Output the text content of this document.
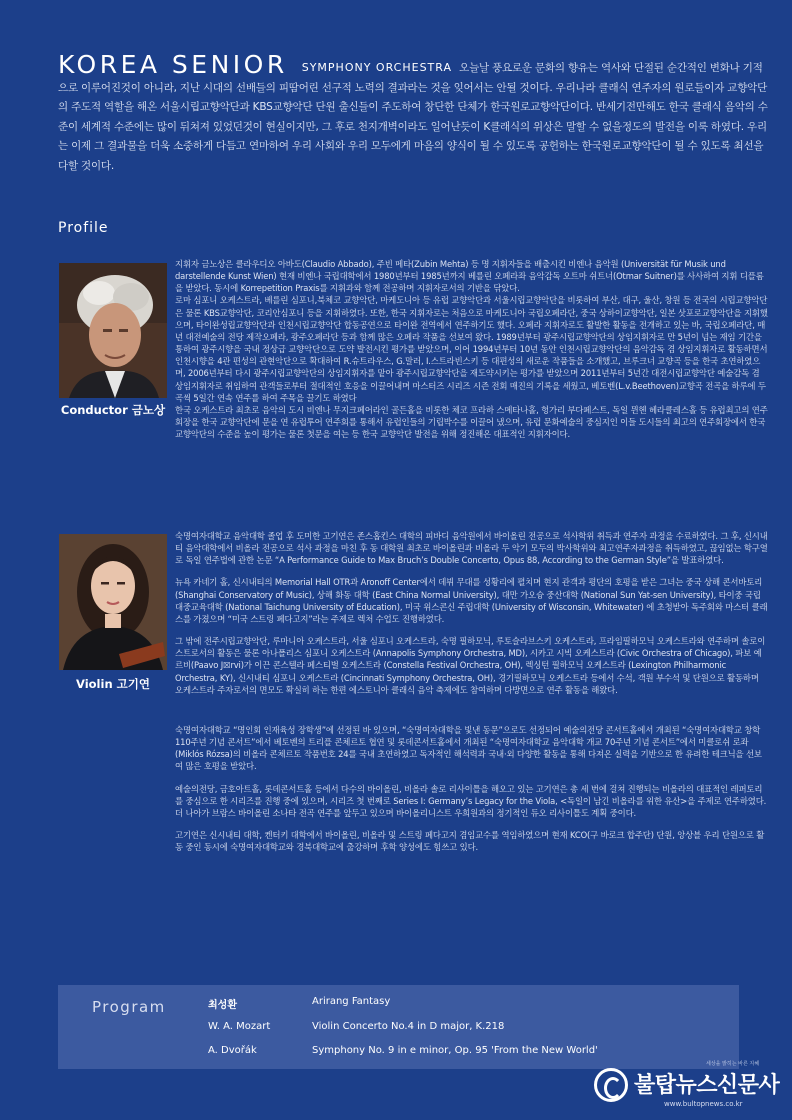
KOREA SENIOR SYMPHONY ORCHESTRA 오늘날 풍요로운 문화의 향유는 역사와 단절된 순간적인 변화나 기적으로 이루어진것이 아니라, 지난 시대의 선배들의 피땀어린 선구적 노력의 결과라는 것을 잊어서는 안될 것이다. 우리나라 클래식 연주자의 원로들이자 교향악단의 주도적 역할을 해온 서울시립교향악단과 KBS교향악단 단원 출신들이 주도하여 창단한 단체가 한국원로교향악단이다. 반세기전만해도 한국 클래식 음악의 수준이 세계적 수준에는 많이 뒤쳐져 있었던것이 현실이지만, 그 후로 천지개벽이라도 일어난듯이 K클래식의 위상은 말할 수 없을정도의 발전을 이룩 하였다. 우리는 이제 그 결과물을 더욱 소중하게 다듬고 연마하여 우리 사회와 우리 모두에게 마음의 양식이 될 수 있도록 공헌하는 한국원로교향악단이 될 수 있도록 최선을 다할 것이다.
Profile
Conductor 금노상

지휘자 금노상은 클라우디오 아바도(Claudio Abbado), 주빈 메타(Zubin Mehta) 등 명 지휘자들을 배출시킨 비엔나 음악원 (Universität für Musik und darstellende Kunst Wien) 현재 비엔나 국립대학에서 1980년부터 1985년까지 베를린 오페라좌 음악감독 오트마 쉬트너(Otmar Suitner)를 사사하여 지휘 디플롬을 받았다. 동시에 Korrepetition Praxis를 지휘과와 함께 전공하며 지휘자로서의 기반을 닦았다.

로마 심포니 오케스트라, 베를린 심포니,북체코 교향악단, 마케도니아 등 유럽 교향악단과 서울시립교향악단을 비롯하여 부산, 대구, 울산, 창원 등 전국의 시립교향악단은 물론 KBS교향악단, 코리안심포니 등을 지휘하였다. 또한, 한국 지휘자로는 처음으로 마케도니아 국립오페라단, 중국 상하이교향악단, 일본 삿포로교향악단을 지휘했으며, 타이완성립교향악단과 인천시립교향악단 합동공연으로 타이완 전역에서 연주하기도 했다. 오페라 지휘자로도 활발한 활동을 전개하고 있는 바, 국립오페라단, 매년 대전예술의 전당 제작오페라, 광주오페라단 등과 함께 많은 오페라 작품을 선보여 왔다. 1989년부터 광주시립교향악단의 상임지휘자로 만 5년이 넘는 재임 기간을 통하여 광주시향을 국내 정상급 교향악단으로 도약 발전시킨 평가를 받았으며, 이어 1994년부터 10년 동안 인천시립교향악단의 음악감독 겸 상임지휘자로 활동하면서 인천시향을 4관 편성의 관현악단으로 확대하여 R.슈트라우스, G.말러, I.스트라빈스키 등 대편성의 새로운 작품들을 소개했고, 브루크너 교향곡 등을 한국 초연하였으며, 2006년부터 다시 광주시립교향악단의 상임지휘자를 맡아 광주시립교향악단을 재도약시키는 평가를 받았으며 2011년부터 5년간 대전시립교향악단 예술감독 겸 상임지휘자로 취임하여 관객들로부터 절대적인 호응을 이끌어내며 마스터즈 시리즈 시즌 전회 매진의 기록을 세웠고, 베토벤(L.v.Beethoven)교향곡 전곡을 하루에 두 곡씩 5일간 연속 연주를 하여 주목을 끌기도 하였다

한국 오케스트라 최초로 음악의 도시 비엔나 무지크페어라인 골든홀을 비롯한 체코 프라하 스메타나홀, 헝가리 부다페스트, 독일 뮌헨 헤라클레스홀 등 유럽최고의 연주회장을 한국 교향악단에 문을 연 유럽투어 연주회를 통해서 유럽인들의 기립박수를 이끌어 냈으며, 유럽 문화예술의 중심지인 이들 도시들의 최고의 연주회장에서 한국 교향악단의 수준을 높이 평가는 물론 첫문을 여는 등 한국 교향악단 발전을 위해 정진해온 대표적인 지휘자이다.

Violin 고기연

숙명여자대학교 음악대학 졸업 후 도미한 고기연은 존스홉킨스 대학의 피바디 음악원에서 바이올린 전공으로 석사학위 취득과 연주자 과정을 수료하였다. 그 후, 신시내티 음악대학에서 비올라 전공으로 석사 과정을 마친 후 동 대학원 최초로 바이올린과 비올라 두 악기 모두의 박사학위와 최고연주자과정을 취득하였고, 끊임없는 학구열로 독일 연주법에 관한 논문 “A Performance Guide to Max Bruch’s Double Concerto, Opus 88, According to the German Style”을 발표하였다.

뉴욕 카네기 홀, 신시내티의 Memorial Hall OTR과 Aronoff Center에서 데뷔 무대를 성황리에 펼치며 현지 관객과 평단의 호평을 받은 그녀는 중국 상해 콘서바토리 (Shanghai Conservatory of Music), 상해 화동 대학 (East China Normal University), 대만 가오슝 중산대학 (National Sun Yat-sen University), 타이중 국립 대중교육대학 (National Taichung University of Education), 미국 위스콘신 주립대학 (University of Wisconsin, Whitewater) 에 초청받아 독주회와 마스터 클래스를 가졌으며 “미국 스트링 페다고지”라는 주제로 렉처 수업도 진행하였다.

그 밖에 전주시립교향악단, 루마니아 오케스트라, 서울 심포니 오케스트라, 숙명 필하모닉, 루토슬라브스키 오케스트라, 프라임필하모닉 오케스트라와 연주하며 솔로이스트로서의 활동은 물론 아나폴리스 심포니 오케스트라 (Annapolis Symphony Orchestra, MD), 시카고 시빅 오케스트라 (Civic Orchestra of Chicago), 파보 예르비(Paavo J☒rvi)가 이끈 콘스텔라 페스티벌 오케스트라 (Constella Festival Orchestra, OH), 렉싱턴 필하모닉 오케스트라 (Lexington Philharmonic Orchestra, KY), 신시내티 심포니 오케스트라 (Cincinnati Symphony Orchestra, OH), 경기필하모닉 오케스트라 등에서 수석, 객원 부수석 및 단원으로 활동하며 오케스트라 주자로서의 면모도 확실히 하는 한편 에스토니아 클래식 음악 축제에도 참여하며 다방면으로 연주 활동을 해왔다.

숙명여자대학교 “명인회 인재육성 장학생”에 선정된 바 있으며, “숙명여자대학을 빛낸 동문”으로도 선정되어 예술의전당 콘서트홀에서 개최된 “숙명여자대학교 창학 110주년 기념 콘서트”에서 베토벤의 트리플 콘체르토 협연 및 롯데콘서트홀에서 개최된 “숙명여자대학교 음악대학 개교 70주년 기념 콘서트”에서 미클로쉬 로좌 (Miklós Rózsa)의 비올라 콘체르토 작품번호 24를 국내 초연하였고 독자적인 해석력과 국내·외 다양한 활동을 통해 다져온 실력을 기반으로 한 유려한 테크닉을 선보여 많은 호평을 받았다.

예술의전당, 금호아트홀, 롯데콘서트홀 등에서 다수의 바이올린, 비올라 솔로 리사이틀을 해오고 있는 고기연은 총 세 번에 걸쳐 진행되는 비올라의 대표적인 레퍼토리를 중심으로 한 시리즈를 진행 중에 있으며, 시리즈 첫 번째로 Series I: Germany’s Legacy for the Viola, <독일이 남긴 비올라를 위한 유산>을 주제로 연주하였다. 더 나아가 브람스 바이올린 소나타 전곡 연주를 앞두고 있으며 바이올리니스트 우희원과의 정기적인 듀오 리사이틀도 계획 중이다.

고기연은 신시내티 대학, 켄터키 대학에서 바이올린, 비올라 및 스트링 페다고지 겸임교수를 역임하였으며 현재 KCO(구 바로크 합주단) 단원, 앙상블 우리 단원으로 활동 중인 동시에 숙명여자대학교와 경북대학교에 출강하며 후학 양성에도 힘쓰고 있다.

Program	최성환	Arirang Fantasy
W. A. Mozart	Violin Concerto No.4 in D major, K.218
A. Dvořák	Symphony No. 9 in e minor, Op. 95 'From the New World'
세상을 밝히는 바른 지혜
불탑뉴스신문사
www.bultopnews.co.kr
